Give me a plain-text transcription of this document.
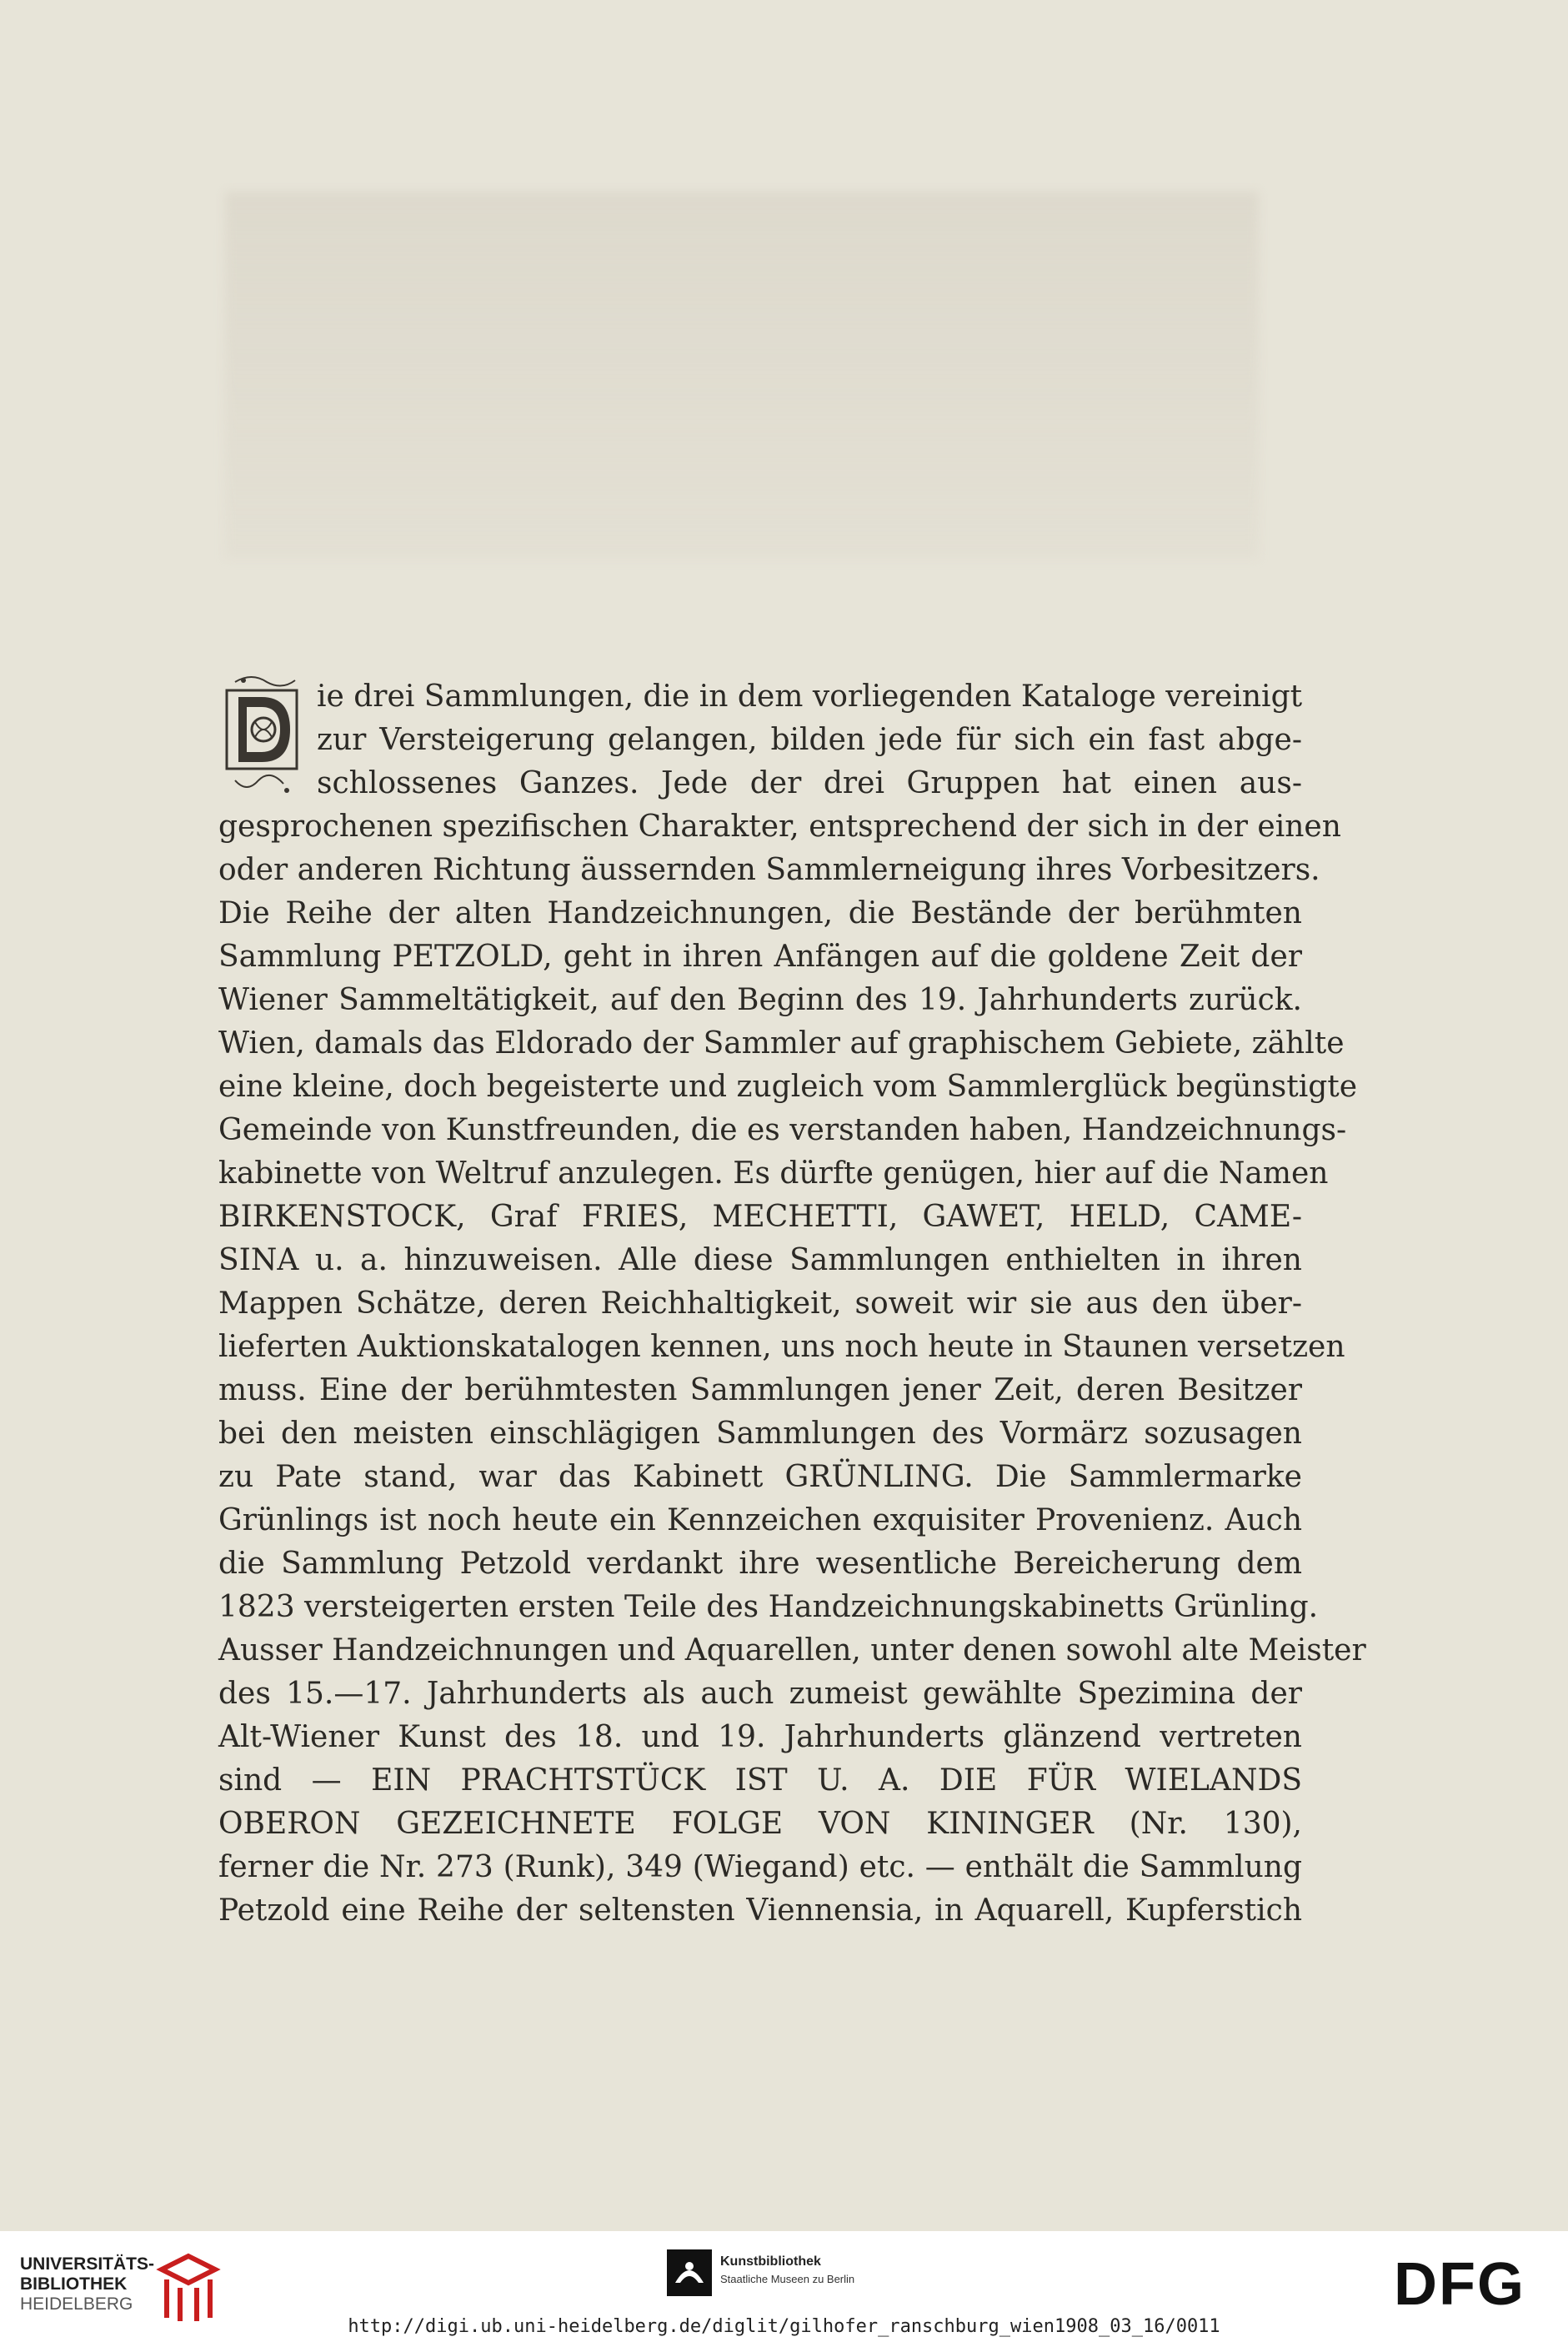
ie drei Sammlungen, die in dem vorliegenden Kataloge vereinigt
zur Versteigerung gelangen, bilden jede für sich ein fast abge-
schlossenes Ganzes. Jede der drei Gruppen hat einen aus-
gesprochenen spezifischen Charakter, entsprechend der sich in der einen
oder anderen Richtung äussernden Sammlerneigung ihres Vorbesitzers.
Die Reihe der alten Handzeichnungen, die Bestände der berühmten
Sammlung PETZOLD, geht in ihren Anfängen auf die goldene Zeit der
Wiener Sammeltätigkeit, auf den Beginn des 19. Jahrhunderts zurück.
Wien, damals das Eldorado der Sammler auf graphischem Gebiete, zählte
eine kleine, doch begeisterte und zugleich vom Sammlerglück begünstigte
Gemeinde von Kunstfreunden, die es verstanden haben, Handzeichnungs-
kabinette von Weltruf anzulegen. Es dürfte genügen, hier auf die Namen
BIRKENSTOCK, Graf FRIES, MECHETTI, GAWET, HELD, CAME-
SINA u. a. hinzuweisen. Alle diese Sammlungen enthielten in ihren
Mappen Schätze, deren Reichhaltigkeit, soweit wir sie aus den über-
lieferten Auktionskatalogen kennen, uns noch heute in Staunen versetzen
muss. Eine der berühmtesten Sammlungen jener Zeit, deren Besitzer
bei den meisten einschlägigen Sammlungen des Vormärz sozusagen
zu Pate stand, war das Kabinett GRÜNLING. Die Sammlermarke
Grünlings ist noch heute ein Kennzeichen exquisiter Provenienz. Auch
die Sammlung Petzold verdankt ihre wesentliche Bereicherung dem
1823 versteigerten ersten Teile des Handzeichnungskabinetts Grünling.
Ausser Handzeichnungen und Aquarellen, unter denen sowohl alte Meister
des 15.—17. Jahrhunderts als auch zumeist gewählte Spezimina der
Alt-Wiener Kunst des 18. und 19. Jahrhunderts glänzend vertreten
sind — EIN PRACHTSTÜCK IST U. A. DIE FÜR WIELANDS
OBERON GEZEICHNETE FOLGE VON KININGER (Nr. 130),
ferner die Nr. 273 (Runk), 349 (Wiegand) etc. — enthält die Sammlung
Petzold eine Reihe der seltensten Viennensia, in Aquarell, Kupferstich
UNIVERSITÄTS-
BIBLIOTHEK
HEIDELBERG
Kunstbibliothek
Staatliche Museen zu Berlin	DFG
http://digi.ub.uni-heidelberg.de/diglit/gilhofer_ranschburg_wien1908_03_16/0011
